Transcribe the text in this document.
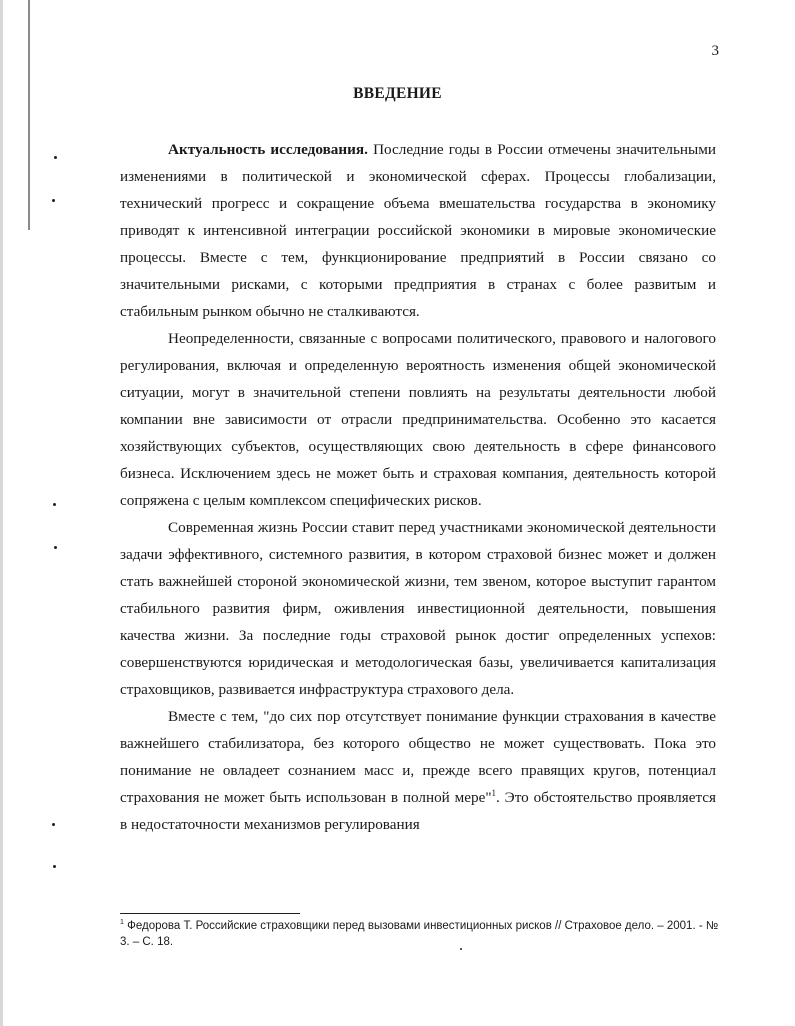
3
ВВЕДЕНИЕ

Актуальность исследования. Последние годы в России отмечены значительными изменениями в политической и экономической сферах. Процессы глобализации, технический прогресс и сокращение объема вмешательства государства в экономику приводят к интенсивной интеграции российской экономики в мировые экономические процессы. Вместе с тем, функционирование предприятий в России связано со значительными рисками, с которыми предприятия в странах с более развитым и стабильным рынком обычно не сталкиваются.

Неопределенности, связанные с вопросами политического, правового и налогового регулирования, включая и определенную вероятность изменения общей экономической ситуации, могут в значительной степени повлиять на результаты деятельности любой компании вне зависимости от отрасли предпринимательства. Особенно это касается хозяйствующих субъектов, осуществляющих свою деятельность в сфере финансового бизнеса. Исключением здесь не может быть и страховая компания, деятельность которой сопряжена с целым комплексом специфических рисков.

Современная жизнь России ставит перед участниками экономической деятельности задачи эффективного, системного развития, в котором страховой бизнес может и должен стать важнейшей стороной экономической жизни, тем звеном, которое выступит гарантом стабильного развития фирм, оживления инвестиционной деятельности, повышения качества жизни. За последние годы страховой рынок достиг определенных успехов: совершенствуются юридическая и методологическая базы, увеличивается капитализация страховщиков, развивается инфраструктура страхового дела.

Вместе с тем, "до сих пор отсутствует понимание функции страхования в качестве важнейшего стабилизатора, без которого общество не может существовать. Пока это понимание не овладеет сознанием масс и, прежде всего правящих кругов, потенциал страхования не может быть использован в полной мере"$^1$. Это обстоятельство проявляется в недостаточности механизмов регулирования

$^1$ Федорова Т. Российские страховщики перед вызовами инвестиционных рисков // Страховое дело. – 2001. - № 3. – С. 18.
